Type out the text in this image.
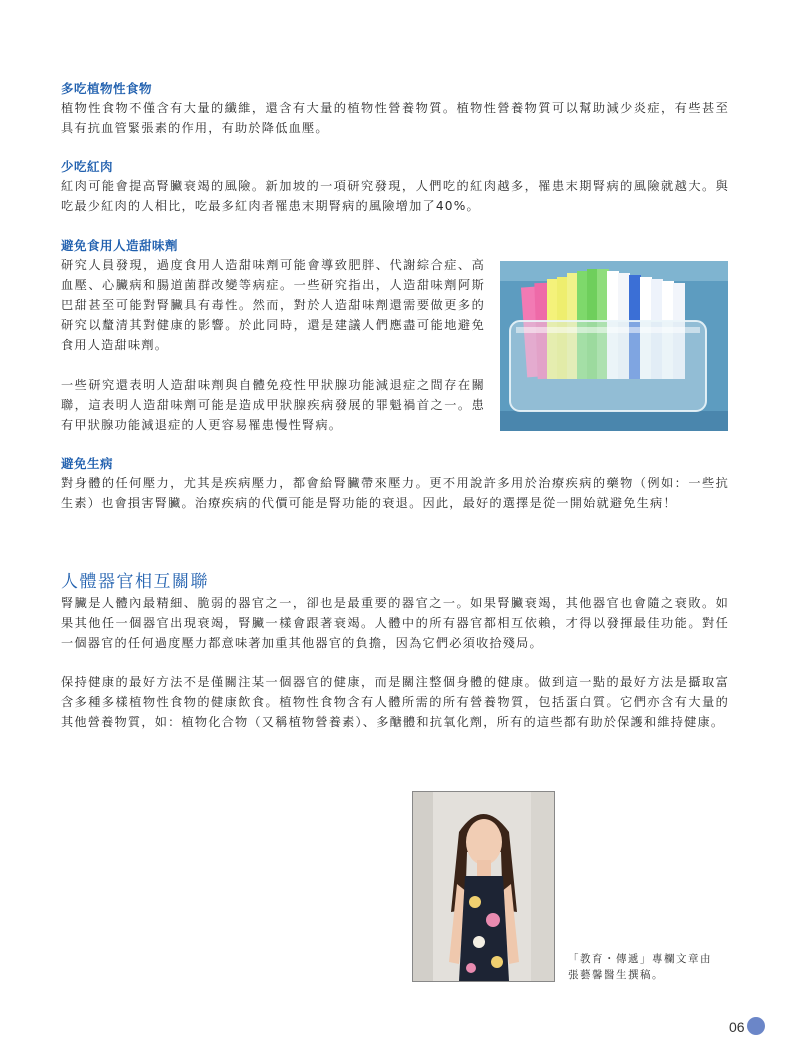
多吃植物性食物

植物性食物不僅含有大量的纖維，還含有大量的植物性營養物質。植物性營養物質可以幫助減少炎症，有些甚至具有抗血管緊張素的作用，有助於降低血壓。

少吃紅肉

紅肉可能會提高腎臟衰竭的風險。新加坡的一項研究發現，人們吃的紅肉越多，罹患末期腎病的風險就越大。與吃最少紅肉的人相比，吃最多紅肉者罹患末期腎病的風險增加了40%。

避免食用人造甜味劑

研究人員發現，過度食用人造甜味劑可能會導致肥胖、代謝綜合症、高血壓、心臟病和腸道菌群改變等病症。一些研究指出，人造甜味劑阿斯巴甜甚至可能對腎臟具有毒性。然而，對於人造甜味劑還需要做更多的研究以釐清其對健康的影響。於此同時，還是建議人們應盡可能地避免食用人造甜味劑。

一些研究還表明人造甜味劑與自體免疫性甲狀腺功能減退症之間存在關聯，這表明人造甜味劑可能是造成甲狀腺疾病發展的罪魁禍首之一。患有甲狀腺功能減退症的人更容易罹患慢性腎病。

避免生病

對身體的任何壓力，尤其是疾病壓力，都會給腎臟帶來壓力。更不用說許多用於治療疾病的藥物（例如：一些抗生素）也會損害腎臟。治療疾病的代價可能是腎功能的衰退。因此，最好的選擇是從一開始就避免生病！

人體器官相互關聯

腎臟是人體內最精細、脆弱的器官之一，卻也是最重要的器官之一。如果腎臟衰竭，其他器官也會隨之衰敗。如果其他任一個器官出現衰竭，腎臟一樣會跟著衰竭。人體中的所有器官都相互依賴，才得以發揮最佳功能。對任一個器官的任何過度壓力都意味著加重其他器官的負擔，因為它們必須收拾殘局。

保持健康的最好方法不是僅關注某一個器官的健康，而是關注整個身體的健康。做到這一點的最好方法是攝取富含多種多樣植物性食物的健康飲食。植物性食物含有人體所需的所有營養物質，包括蛋白質。它們亦含有大量的其他營養物質，如：植物化合物（又稱植物營養素）、多醣體和抗氧化劑，所有的這些都有助於保護和維持健康。

「教育・傳遞」專欄文章由
張藝馨醫生撰稿。

06
